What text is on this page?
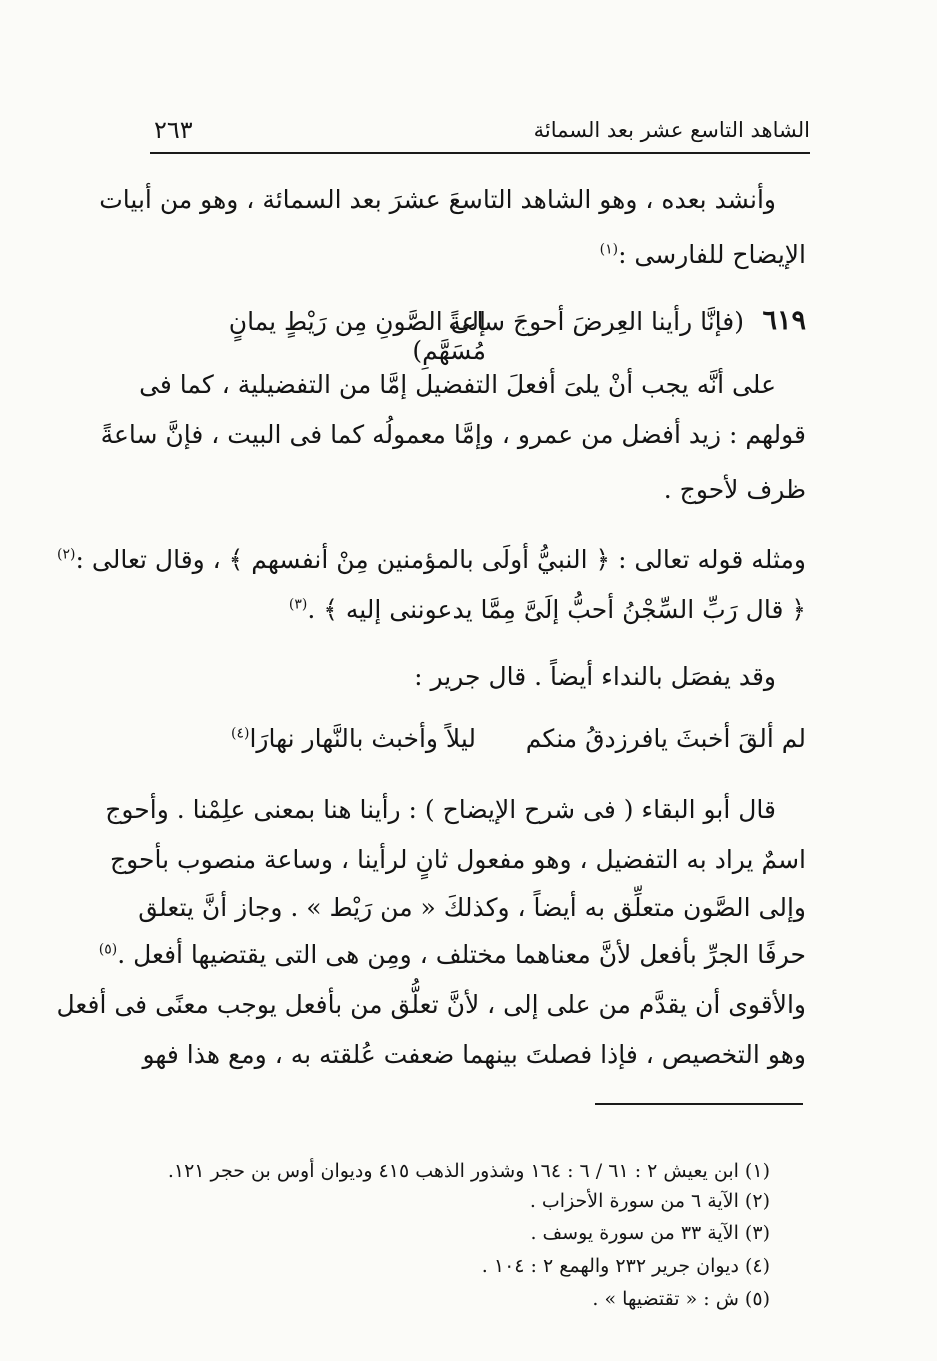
الشاهد التاسع عشر بعد السمائة
٢٦٣
وأنشد بعده ، وهو الشاهد التاسعَ عشرَ بعد السمائة ، وهو من أبيات
الإيضاح للفارسى :$^{(١)}$
٦١٩
(فإنَّا رأينا العِرضَ أحوجَ ساعةً
إلى الصَّونِ مِن رَيْطٍ يمانٍ مُسَهَّمِ)
على أنَّه يجب أنْ يلىَ أفعلَ التفضيل إمَّا من التفضيلية ، كما فى
قولهم : زيد أفضل من عمرو ، وإمَّا معمولُه كما فى البيت ، فإنَّ ساعةً
ظرف لأحوج .
ومثله قوله تعالى : ﴿ النبيُّ أولَى بالمؤمنين مِنْ أنفسهم ﴾ ، وقال تعالى :$^{(٢)}$
﴿ قال رَبِّ السِّجْنُ أحبُّ إلَىَّ مِمَّا يدعوننى إليه ﴾ .$^{(٣)}$
وقد يفصَل بالنداء أيضاً . قال جرير :
لم ألقَ أخبثَ يافرزدقُ منكم
ليلاً وأخبث بالنَّهار نهارَا$^{(٤)}$
قال أبو البقاء ( فى شرح الإيضاح ) : رأينا هنا بمعنى علِمْنا . وأحوج
اسمٌ يراد به التفضيل ، وهو مفعول ثانٍ لرأينا ، وساعة منصوب بأحوج
وإلى الصَّون متعلِّق به أيضاً ، وكذلكَ « من رَيْط » . وجاز أنَّ يتعلق
حرفًا الجرِّ بأفعل لأنَّ معناهما مختلف ، ومِن هى التى يقتضيها أفعل .$^{(٥)}$
والأقوى أن يقدَّم من على إلى ، لأنَّ تعلُّق من بأفعل يوجب معنًى فى أفعل
وهو التخصيص ، فإذا فصلتَ بينهما ضعفت عُلقته به ، ومع هذا فهو
(١) ابن يعيش ٢ : ٦١ / ٦ : ١٦٤ وشذور الذهب ٤١٥ وديوان أوس بن حجر ١٢١.
(٢) الآية ٦ من سورة الأحزاب .
(٣) الآية ٣٣ من سورة يوسف .
(٤) ديوان جرير ٢٣٢ والهمع ٢ : ١٠٤ .
(٥) ش : « تقتضيها » .
